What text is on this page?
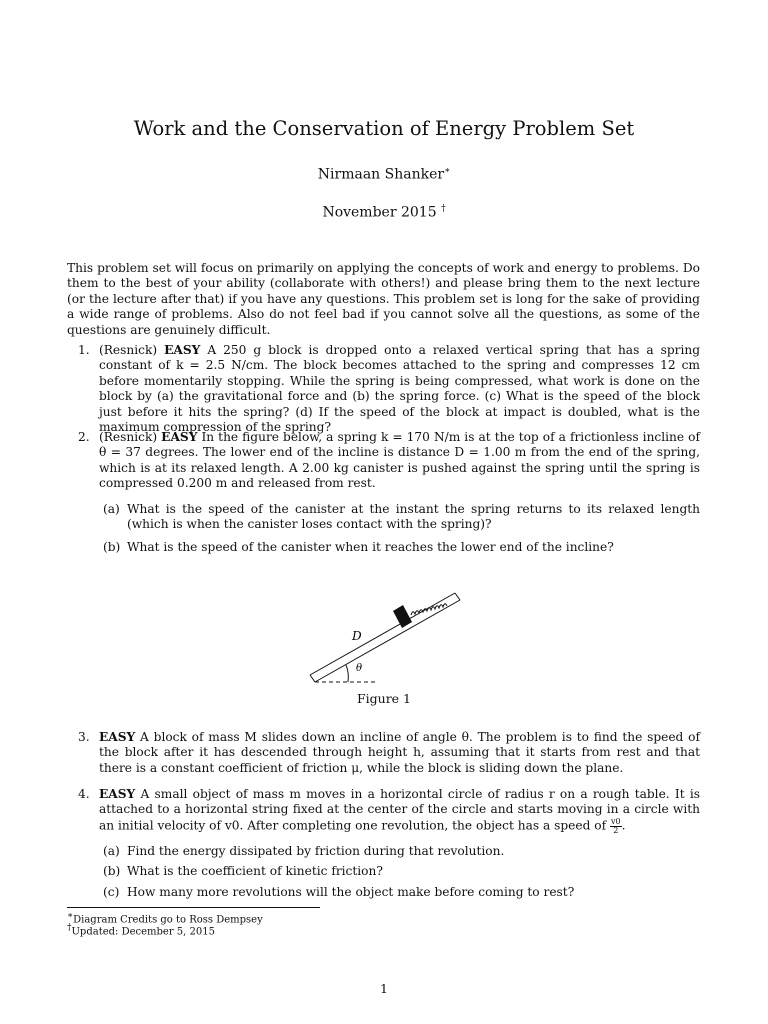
Work and the Conservation of Energy Problem Set
Nirmaan Shanker∗
November 2015 †
This problem set will focus on primarily on applying the concepts of work and energy to problems. Do them to the best of your ability (collaborate with others!) and please bring them to the next lecture (or the lecture after that) if you have any questions. This problem set is long for the sake of providing a wide range of problems. Also do not feel bad if you cannot solve all the questions, as some of the questions are genuinely difficult.
1. (Resnick) EASY A 250 g block is dropped onto a relaxed vertical spring that has a spring constant of k = 2.5 N/cm. The block becomes attached to the spring and compresses 12 cm before momentarily stopping. While the spring is being compressed, what work is done on the block by (a) the gravitational force and (b) the spring force. (c) What is the speed of the block just before it hits the spring? (d) If the speed of the block at impact is doubled, what is the maximum compression of the spring?
2. (Resnick) EASY In the figure below, a spring k = 170 N/m is at the top of a frictionless incline of θ = 37 degrees. The lower end of the incline is distance D = 1.00 m from the end of the spring, which is at its relaxed length. A 2.00 kg canister is pushed against the spring until the spring is compressed 0.200 m and released from rest.
(a) What is the speed of the canister at the instant the spring returns to its relaxed length (which is when the canister loses contact with the spring)?
(b) What is the speed of the canister when it reaches the lower end of the incline?
D
θ
Figure 1
3. EASY A block of mass M slides down an incline of angle θ. The problem is to find the speed of the block after it has descended through height h, assuming that it starts from rest and that there is a constant coefficient of friction μ, while the block is sliding down the plane.
4. EASY A small object of mass m moves in a horizontal circle of radius r on a rough table. It is attached to a horizontal string fixed at the center of the circle and starts moving in a circle with an initial velocity of v0. After completing one revolution, the object has a speed of $\frac{v0}{2}$ .
(a) Find the energy dissipated by friction during that revolution.
(b) What is the coefficient of kinetic friction?
(c) How many more revolutions will the object make before coming to rest?
∗Diagram Credits go to Ross Dempsey
†Updated: December 5, 2015
1
